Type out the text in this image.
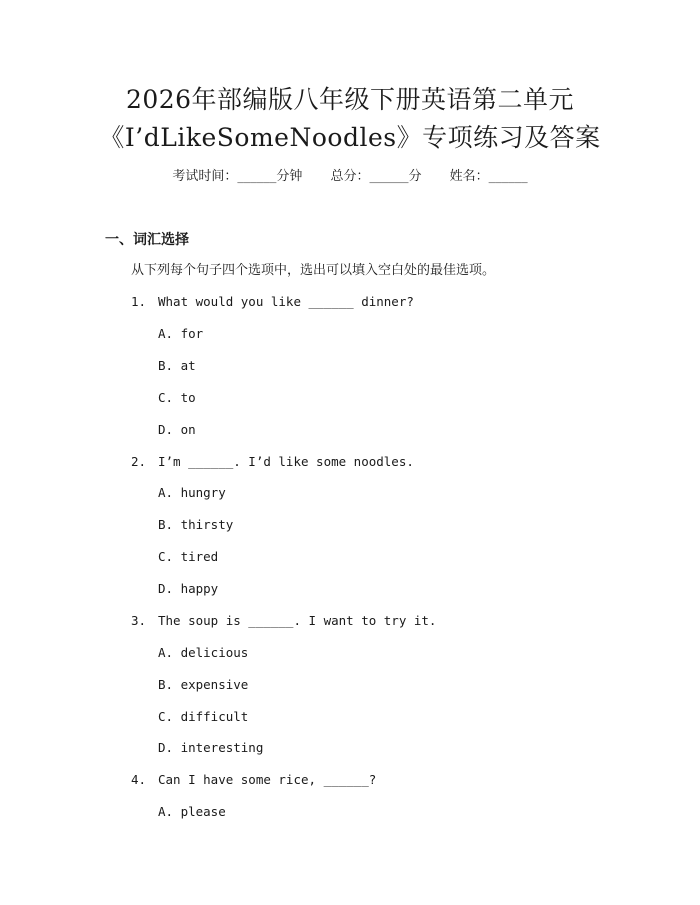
2026年部编版八年级下册英语第二单元
《I’dLikeSomeNoodles》专项练习及答案
考试时间：______分钟 总分：______分 姓名：______
一、词汇选择
从下列每个句子四个选项中，选出可以填入空白处的最佳选项。
1. What would you like ______ dinner?
A. for
B. at
C. to
D. on
2. I’m ______. I’d like some noodles.
A. hungry
B. thirsty
C. tired
D. happy
3. The soup is ______. I want to try it.
A. delicious
B. expensive
C. difficult
D. interesting
4. Can I have some rice, ______?
A. please
